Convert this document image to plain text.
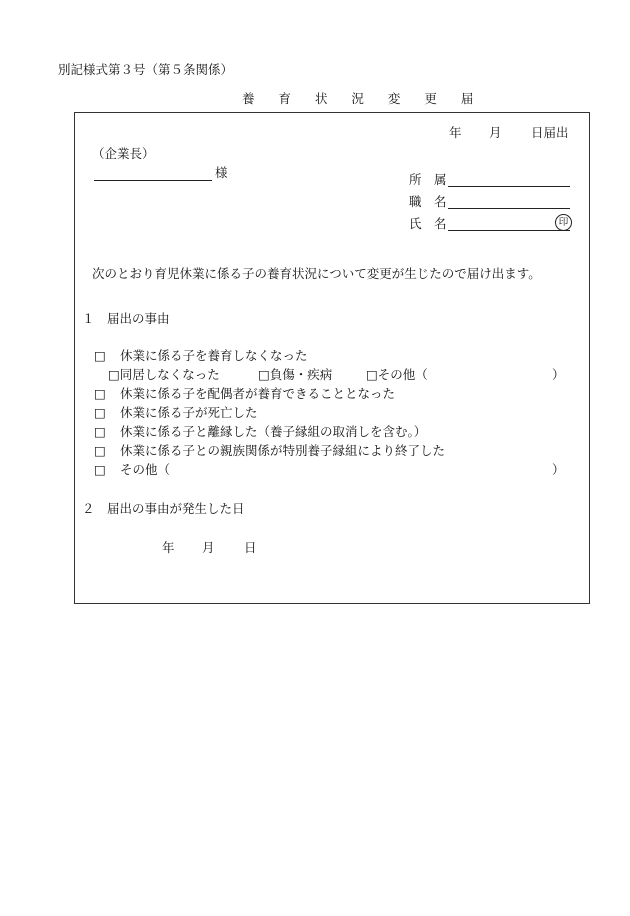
別記様式第３号（第５条関係）
養 育 状 況 変 更 届
年 月 日届出
（企業長）
様	所　属
職　名
氏　名	印
次のとおり育児休業に係る子の養育状況について変更が生じたので届け出ます。
１　届出の事由
□ 休業に係る子を養育しなくなった
□同居しなくなった	□負傷・疾病	□その他（	）
□ 休業に係る子を配偶者が養育できることとなった
□ 休業に係る子が死亡した
□ 休業に係る子と離縁した（養子縁組の取消しを含む。）
□ 休業に係る子との親族関係が特別養子縁組により終了した
□ その他（	）
２　届出の事由が発生した日
年 月 日
